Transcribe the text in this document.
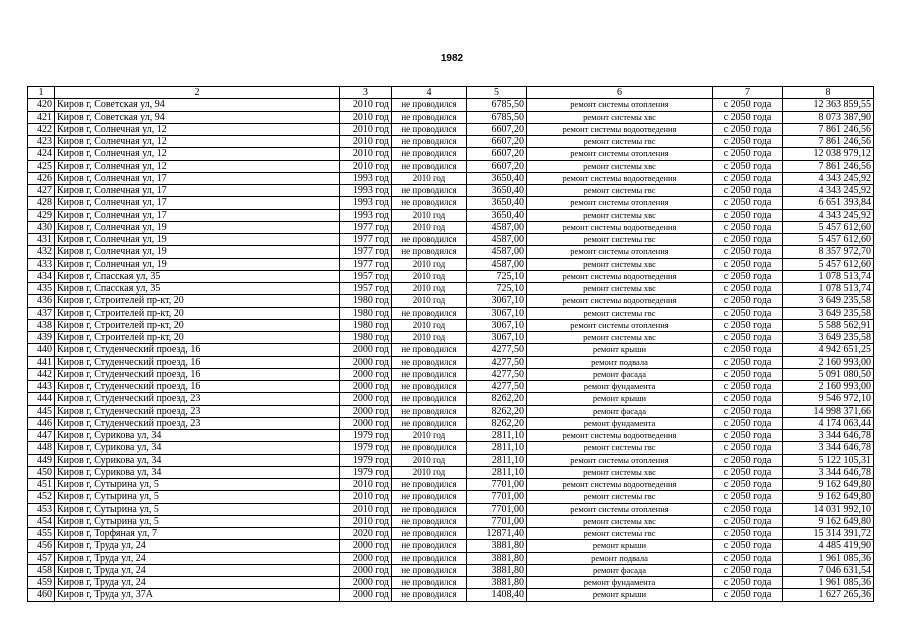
1982
1	2	3	4	5	6	7	8
420	Киров г, Советская ул, 94	2010 год	не проводился	6785,50	ремонт системы отопления	с 2050 года	12 363 859,55
421	Киров г, Советская ул, 94	2010 год	не проводился	6785,50	ремонт системы хвс	с 2050 года	8 073 387,90
422	Киров г, Солнечная ул, 12	2010 год	не проводился	6607,20	ремонт системы водоотведения	с 2050 года	7 861 246,56
423	Киров г, Солнечная ул, 12	2010 год	не проводился	6607,20	ремонт системы гвс	с 2050 года	7 861 246,56
424	Киров г, Солнечная ул, 12	2010 год	не проводился	6607,20	ремонт системы отопления	с 2050 года	12 038 979,12
425	Киров г, Солнечная ул, 12	2010 год	не проводился	6607,20	ремонт системы хвс	с 2050 года	7 861 246,56
426	Киров г, Солнечная ул, 17	1993 год	2010 год	3650,40	ремонт системы водоотведения	с 2050 года	4 343 245,92
427	Киров г, Солнечная ул, 17	1993 год	не проводился	3650,40	ремонт системы гвс	с 2050 года	4 343 245,92
428	Киров г, Солнечная ул, 17	1993 год	не проводился	3650,40	ремонт системы отопления	с 2050 года	6 651 393,84
429	Киров г, Солнечная ул, 17	1993 год	2010 год	3650,40	ремонт системы хвс	с 2050 года	4 343 245,92
430	Киров г, Солнечная ул, 19	1977 год	2010 год	4587,00	ремонт системы водоотведения	с 2050 года	5 457 612,60
431	Киров г, Солнечная ул, 19	1977 год	не проводился	4587,00	ремонт системы гвс	с 2050 года	5 457 612,60
432	Киров г, Солнечная ул, 19	1977 год	не проводился	4587,00	ремонт системы отопления	с 2050 года	8 357 972,70
433	Киров г, Солнечная ул, 19	1977 год	2010 год	4587,00	ремонт системы хвс	с 2050 года	5 457 612,60
434	Киров г, Спасская ул, 35	1957 год	2010 год	725,10	ремонт системы водоотведения	с 2050 года	1 078 513,74
435	Киров г, Спасская ул, 35	1957 год	2010 год	725,10	ремонт системы хвс	с 2050 года	1 078 513,74
436	Киров г, Строителей пр-кт, 20	1980 год	2010 год	3067,10	ремонт системы водоотведения	с 2050 года	3 649 235,58
437	Киров г, Строителей пр-кт, 20	1980 год	не проводился	3067,10	ремонт системы гвс	с 2050 года	3 649 235,58
438	Киров г, Строителей пр-кт, 20	1980 год	2010 год	3067,10	ремонт системы отопления	с 2050 года	5 588 562,91
439	Киров г, Строителей пр-кт, 20	1980 год	2010 год	3067,10	ремонт системы хвс	с 2050 года	3 649 235,58
440	Киров г, Студенческий проезд, 16	2000 год	не проводился	4277,50	ремонт крыши	с 2050 года	4 942 651,25
441	Киров г, Студенческий проезд, 16	2000 год	не проводился	4277,50	ремонт подвала	с 2050 года	2 160 993,00
442	Киров г, Студенческий проезд, 16	2000 год	не проводился	4277,50	ремонт фасада	с 2050 года	5 091 080,50
443	Киров г, Студенческий проезд, 16	2000 год	не проводился	4277,50	ремонт фундамента	с 2050 года	2 160 993,00
444	Киров г, Студенческий проезд, 23	2000 год	не проводился	8262,20	ремонт крыши	с 2050 года	9 546 972,10
445	Киров г, Студенческий проезд, 23	2000 год	не проводился	8262,20	ремонт фасада	с 2050 года	14 998 371,66
446	Киров г, Студенческий проезд, 23	2000 год	не проводился	8262,20	ремонт фундамента	с 2050 года	4 174 063,44
447	Киров г, Сурикова ул, 34	1979 год	2010 год	2811,10	ремонт системы водоотведения	с 2050 года	3 344 646,78
448	Киров г, Сурикова ул, 34	1979 год	не проводился	2811,10	ремонт системы гвс	с 2050 года	3 344 646,78
449	Киров г, Сурикова ул, 34	1979 год	2010 год	2811,10	ремонт системы отопления	с 2050 года	5 122 105,31
450	Киров г, Сурикова ул, 34	1979 год	2010 год	2811,10	ремонт системы хвс	с 2050 года	3 344 646,78
451	Киров г, Сутырина ул, 5	2010 год	не проводился	7701,00	ремонт системы водоотведения	с 2050 года	9 162 649,80
452	Киров г, Сутырина ул, 5	2010 год	не проводился	7701,00	ремонт системы гвс	с 2050 года	9 162 649,80
453	Киров г, Сутырина ул, 5	2010 год	не проводился	7701,00	ремонт системы отопления	с 2050 года	14 031 992,10
454	Киров г, Сутырина ул, 5	2010 год	не проводился	7701,00	ремонт системы хвс	с 2050 года	9 162 649,80
455	Киров г, Торфяная ул, 7	2020 год	не проводился	12871,40	ремонт системы гвс	с 2050 года	15 314 391,72
456	Киров г, Труда ул, 24	2000 год	не проводился	3881,80	ремонт крыши	с 2050 года	4 485 419,90
457	Киров г, Труда ул, 24	2000 год	не проводился	3881,80	ремонт подвала	с 2050 года	1 961 085,36
458	Киров г, Труда ул, 24	2000 год	не проводился	3881,80	ремонт фасада	с 2050 года	7 046 631,54
459	Киров г, Труда ул, 24	2000 год	не проводился	3881,80	ремонт фундамента	с 2050 года	1 961 085,36
460	Киров г, Труда ул, 37А	2000 год	не проводился	1408,40	ремонт крыши	с 2050 года	1 627 265,36
